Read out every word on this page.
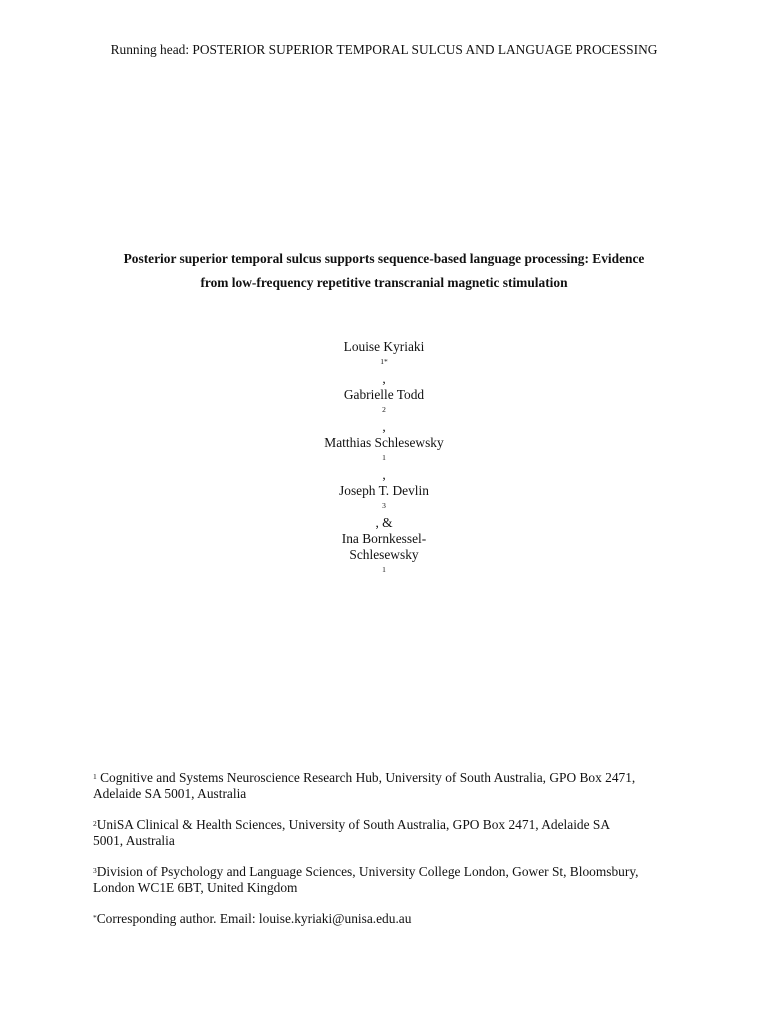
Running head: POSTERIOR SUPERIOR TEMPORAL SULCUS AND LANGUAGE PROCESSING
Posterior superior temporal sulcus supports sequence-based language processing: Evidence
from low-frequency repetitive transcranial magnetic stimulation
Louise Kyriaki
$^{1*}$
,
Gabrielle Todd
$^2$
,
Matthias Schlesewsky
$^1$
,
Joseph T. Devlin
$^3$
, &
Ina Bornkessel-
Schlesewsky
$^1$
$^1$ Cognitive and Systems Neuroscience Research Hub, University of South Australia, GPO Box 2471,
Adelaide SA 5001, Australia
$^2$UniSA Clinical & Health Sciences, University of South Australia, GPO Box 2471, Adelaide SA
5001, Australia
$^3$Division of Psychology and Language Sciences, University College London, Gower St, Bloomsbury,
London WC1E 6BT, United Kingdom
*Corresponding author. Email: louise.kyriaki@unisa.edu.au
